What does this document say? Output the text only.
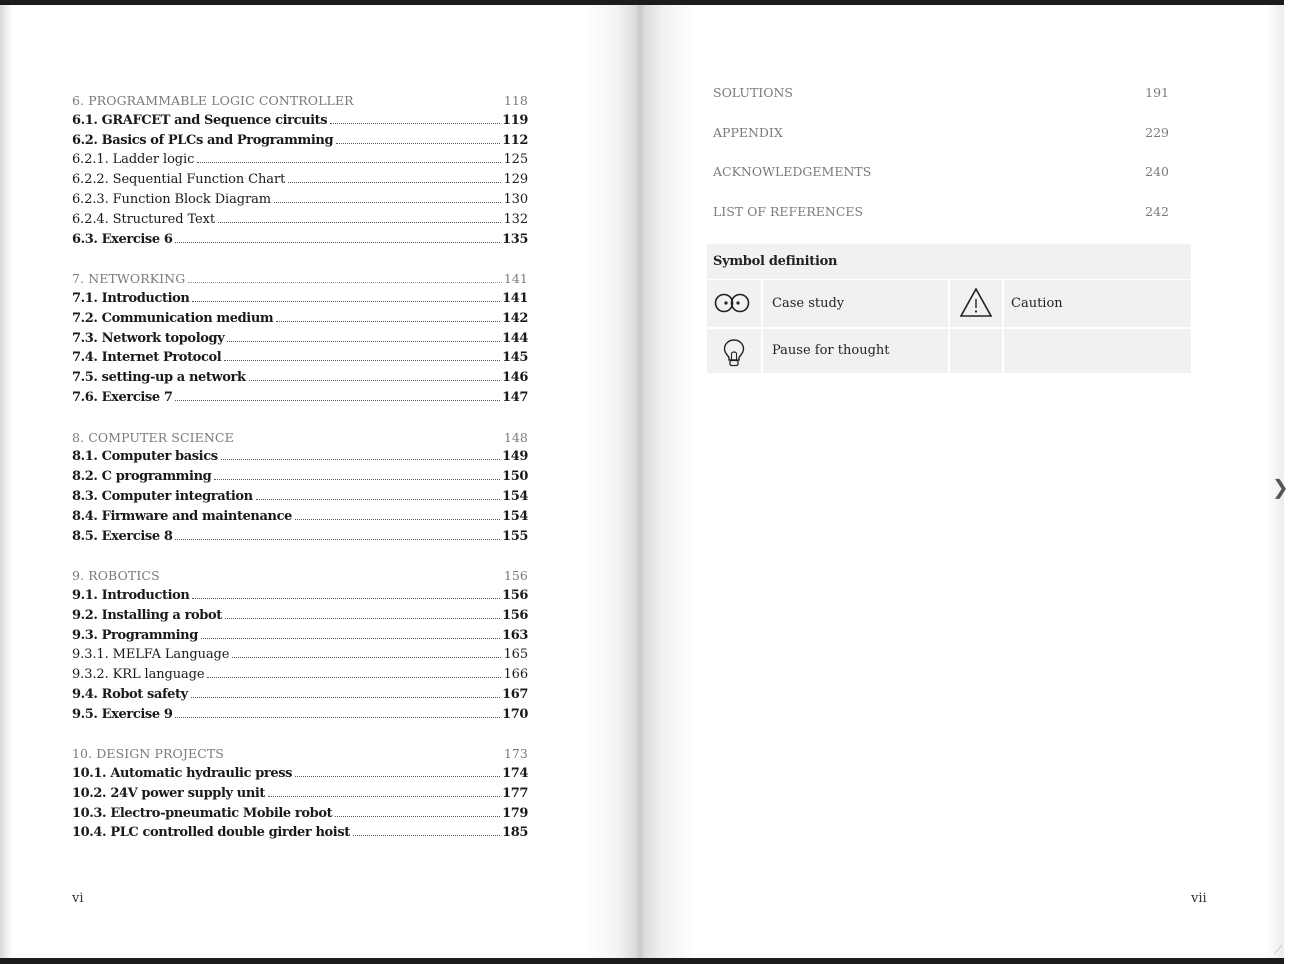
6. PROGRAMMABLE LOGIC CONTROLLER	118
6.1. GRAFCET and Sequence circuits	119
6.2. Basics of PLCs and Programming	112
6.2.1. Ladder logic	125
6.2.2. Sequential Function Chart	129
6.2.3. Function Block Diagram	130
6.2.4. Structured Text	132
6.3. Exercise 6	135
7. NETWORKING	141
7.1. Introduction	141
7.2. Communication medium	142
7.3. Network topology	144
7.4. Internet Protocol	145
7.5. setting-up a network	146
7.6. Exercise 7	147
8. COMPUTER SCIENCE	148
8.1. Computer basics	149
8.2. C programming	150
8.3. Computer integration	154
8.4. Firmware and maintenance	154
8.5. Exercise 8	155
9. ROBOTICS	156
9.1. Introduction	156
9.2. Installing a robot	156
9.3. Programming	163
9.3.1. MELFA Language	165
9.3.2. KRL language	166
9.4. Robot safety	167
9.5. Exercise 9	170
10. DESIGN PROJECTS	173
10.1. Automatic hydraulic press	174
10.2. 24V power supply unit	177
10.3. Electro-pneumatic Mobile robot	179
10.4. PLC controlled double girder hoist	185
vi
SOLUTIONS	191
APPENDIX	229
ACKNOWLEDGEMENTS	240
LIST OF REFERENCES	242
Symbol definition
Case study	Caution
Pause for thought
vii
❯
⟋
